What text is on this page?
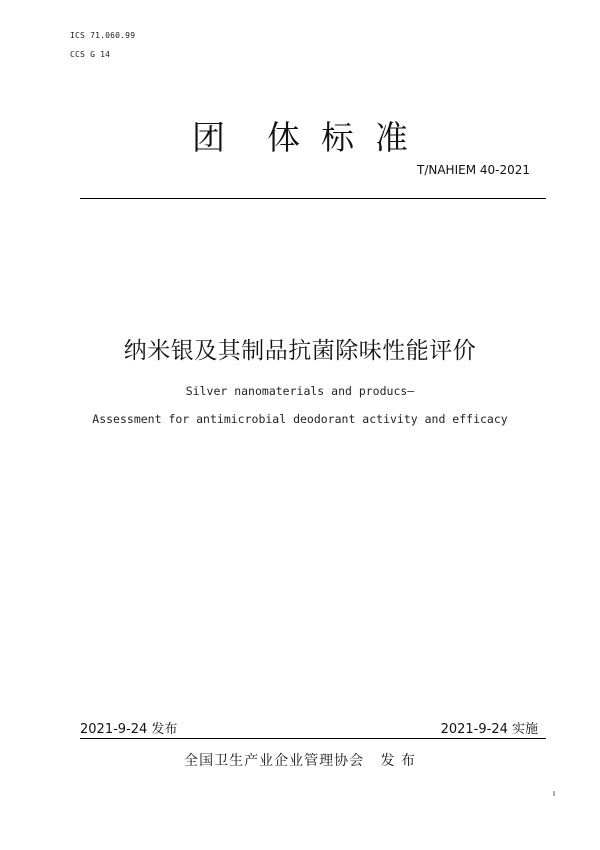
ICS 71.060.99
CCS G 14
团    体  标  准
T/NAHIEM 40-2021
纳米银及其制品抗菌除味性能评价
Silver nanomaterials and producs—
Assessment for antimicrobial deodorant activity and efficacy
2021-9-24 发布	2021-9-24 实施
全国卫生产业企业管理协会   发 布
I
